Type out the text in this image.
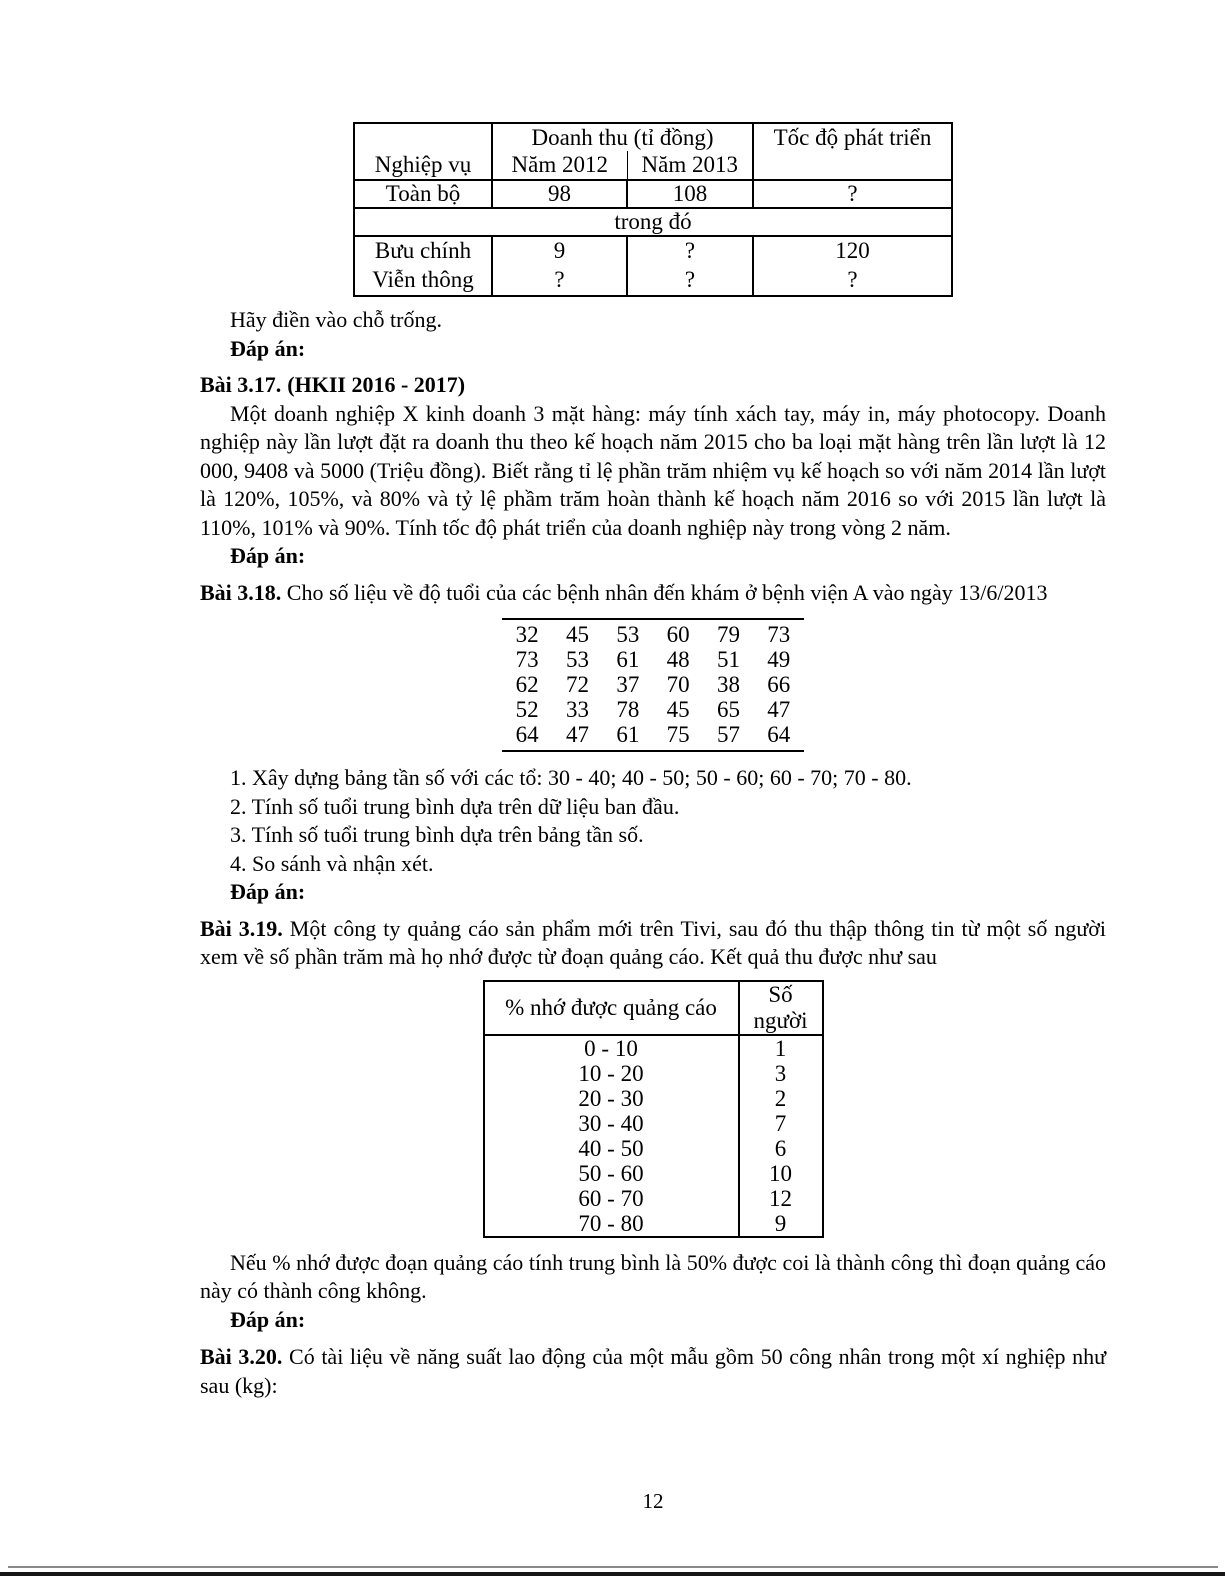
Nghiệp vụ	Doanh thu (tỉ đồng)		Tốc độ phát triển
	Năm 2012	Năm 2013	
Toàn bộ	98	108	?
trong đó			
Bưu chính	9	?	120
Viễn thông	?	?	?

Hãy điền vào chỗ trống.

Đáp án:

Bài 3.17. (HKII 2016 - 2017)

Một doanh nghiệp X kinh doanh 3 mặt hàng: máy tính xách tay, máy in, máy photocopy. Doanh nghiệp này lần lượt đặt ra doanh thu theo kế hoạch năm 2015 cho ba loại mặt hàng trên lần lượt là 12 000, 9408 và 5000 (Triệu đồng). Biết rằng tỉ lệ phần trăm nhiệm vụ kế hoạch so với năm 2014 lần lượt là 120%, 105%, và 80% và tỷ lệ phầm trăm hoàn thành kế hoạch năm 2016 so với 2015 lần lượt là 110%, 101% và 90%. Tính tốc độ phát triển của doanh nghiệp này trong vòng 2 năm.

Đáp án:

Bài 3.18. Cho số liệu về độ tuổi của các bệnh nhân đến khám ở bệnh viện A vào ngày 13/6/2013

32	45	53	60	79	73
73	53	61	48	51	49
62	72	37	70	38	66
52	33	78	45	65	47
64	47	61	75	57	64

1. Xây dựng bảng tần số với các tổ: 30 - 40; 40 - 50; 50 - 60; 60 - 70; 70 - 80.

2. Tính số tuổi trung bình dựa trên dữ liệu ban đầu.

3. Tính số tuổi trung bình dựa trên bảng tần số.

4. So sánh và nhận xét.

Đáp án:

Bài 3.19. Một công ty quảng cáo sản phẩm mới trên Tivi, sau đó thu thập thông tin từ một số người xem về số phần trăm mà họ nhớ được từ đoạn quảng cáo. Kết quả thu được như sau

% nhớ được quảng cáo	Số người
0 - 10	1
10 - 20	3
20 - 30	2
30 - 40	7
40 - 50	6
50 - 60	10
60 - 70	12
70 - 80	9

Nếu % nhớ được đoạn quảng cáo tính trung bình là 50% được coi là thành công thì đoạn quảng cáo này có thành công không.

Đáp án:

Bài 3.20. Có tài liệu về năng suất lao động của một mẫu gồm 50 công nhân trong một xí nghiệp như sau (kg):

12
